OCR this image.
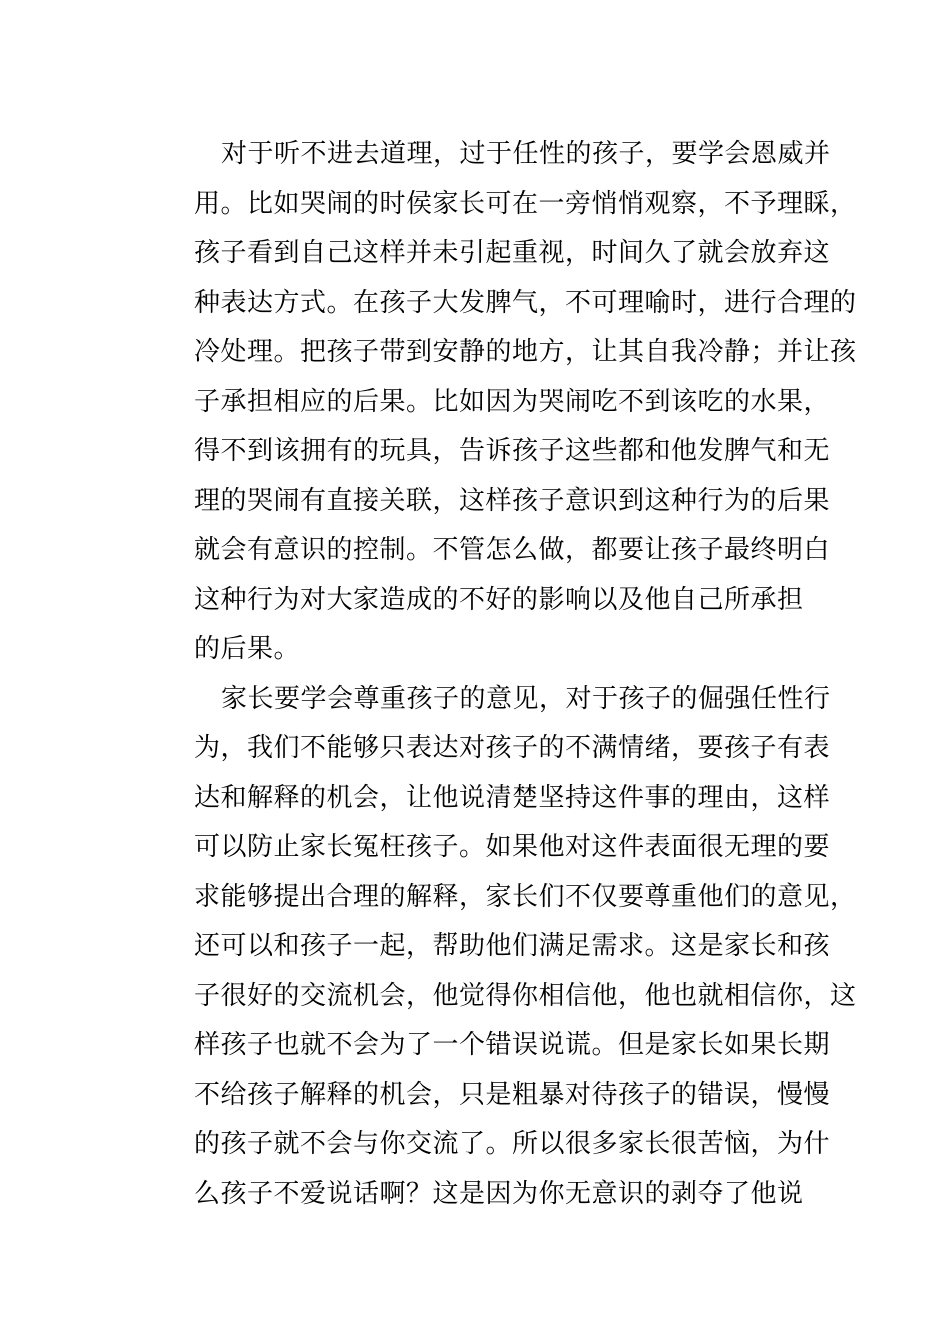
对于听不进去道理，过于任性的孩子，要学会恩威并
用。比如哭闹的时侯家长可在一旁悄悄观察，不予理睬，
孩子看到自己这样并未引起重视，时间久了就会放弃这
种表达方式。在孩子大发脾气，不可理喻时，进行合理的
冷处理。把孩子带到安静的地方，让其自我冷静；并让孩
子承担相应的后果。比如因为哭闹吃不到该吃的水果，
得不到该拥有的玩具，告诉孩子这些都和他发脾气和无
理的哭闹有直接关联，这样孩子意识到这种行为的后果
就会有意识的控制。不管怎么做，都要让孩子最终明白
这种行为对大家造成的不好的影响以及他自己所承担
的后果。
家长要学会尊重孩子的意见，对于孩子的倔强任性行
为，我们不能够只表达对孩子的不满情绪，要孩子有表
达和解释的机会，让他说清楚坚持这件事的理由，这样
可以防止家长冤枉孩子。如果他对这件表面很无理的要
求能够提出合理的解释，家长们不仅要尊重他们的意见，
还可以和孩子一起，帮助他们满足需求。这是家长和孩
子很好的交流机会，他觉得你相信他，他也就相信你，这
样孩子也就不会为了一个错误说谎。但是家长如果长期
不给孩子解释的机会，只是粗暴对待孩子的错误，慢慢
的孩子就不会与你交流了。所以很多家长很苦恼，为什
么孩子不爱说话啊？这是因为你无意识的剥夺了他说
